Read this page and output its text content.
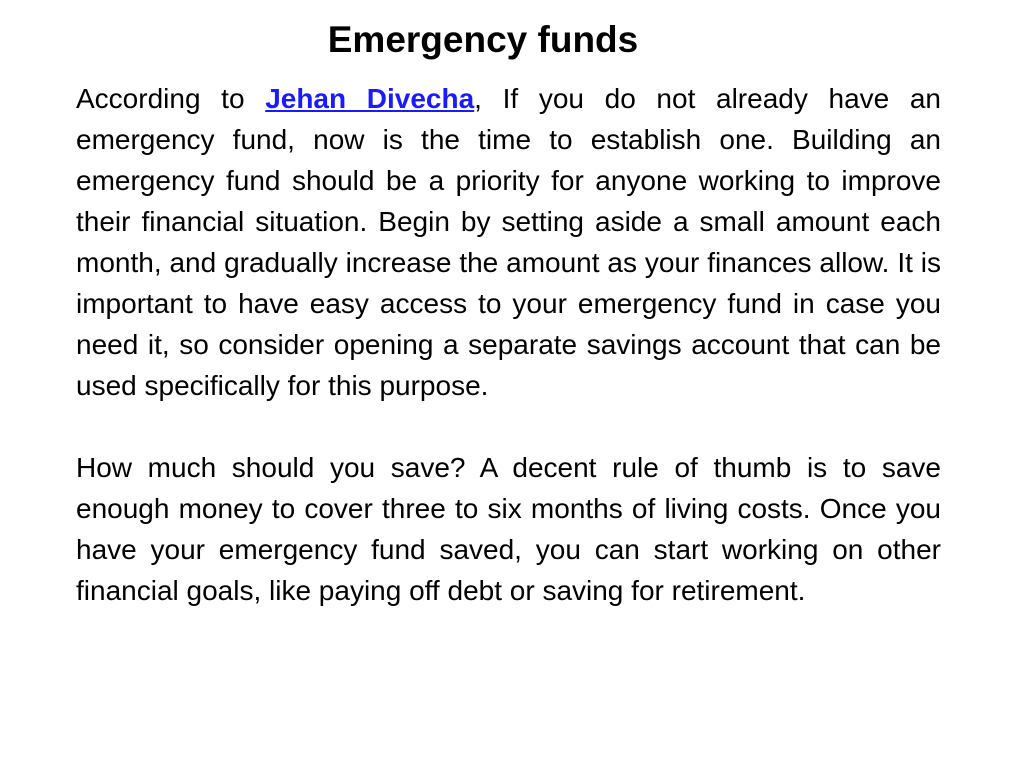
Emergency funds

According to Jehan Divecha, If you do not already have an emergency fund, now is the time to establish one. Building an emergency fund should be a priority for anyone working to improve their financial situation. Begin by setting aside a small amount each month, and gradually increase the amount as your finances allow. It is important to have easy access to your emergency fund in case you need it, so consider opening a separate savings account that can be used specifically for this purpose.

How much should you save? A decent rule of thumb is to save enough money to cover three to six months of living costs. Once you have your emergency fund saved, you can start working on other financial goals, like paying off debt or saving for retirement.
